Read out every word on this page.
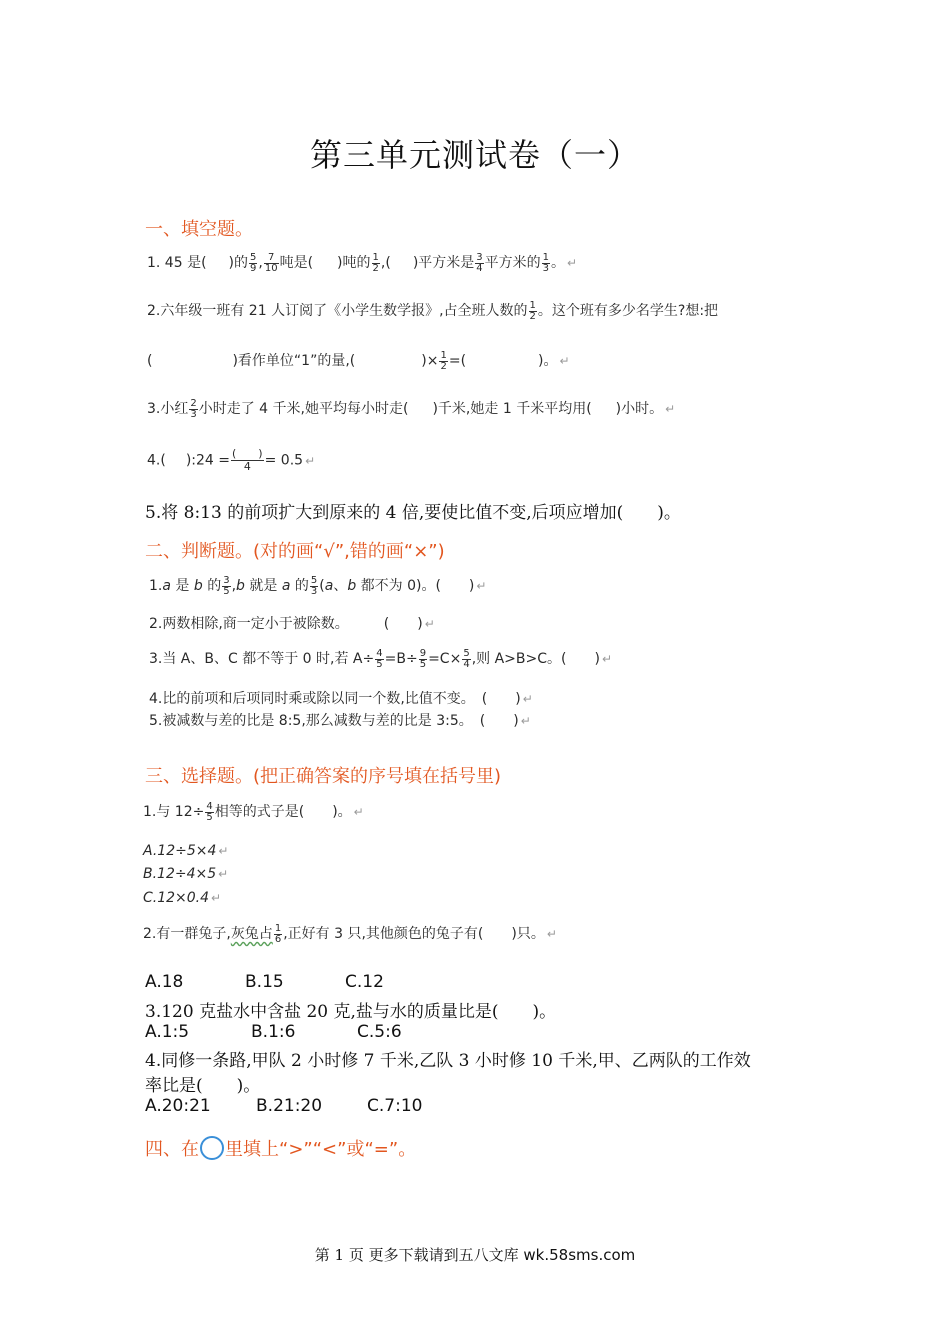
第三单元测试卷（一）
一、填空题。
1. 45 是( )的 $\frac{5}{9}$ , $\frac{7}{10}$ 吨是( )吨的 $\frac{1}{2}$ ,( )平方米是 $\frac{3}{4}$ 平方米的 $\frac{1}{3}$ 。 ↵
2.六年级一班有 21 人订阅了《小学生数学报》,占全班人数的 $\frac{1}{2}$ 。这个班有多少名学生?想:把
(	)看作单位“1”的量,(	)× $\frac{1}{2}$ =(	)。 ↵
3.小红 $\frac{2}{3}$ 小时走了 4 千米,她平均每小时走( )千米,她走 1 千米平均用( )小时。 ↵
4.( ):24 = $\frac{( )}{4} = 0.5$ ↵
5.将 8:13 的前项扩大到原来的 4 倍,要使比值不变,后项应增加(　　)。
二、判断题。(对的画“√”,错的画“×”)
1.a 是 b 的 $\frac{3}{5} ,b$ 就是 a 的 $\frac{5}{3} (a$、b 都不为 0)。(　　) ↵
2.两数相除,商一定小于被除数。　　　(　　) ↵
3.当 A、B、C 都不等于 0 时,若 $A\div \frac{4}{5} =B\div \frac{9}{5} =C\times \frac{5}{4}$ ,则 A>B>C。(　　) ↵
4.比的前项和后项同时乘或除以同一个数,比值不变。　(　　) ↵
5.被减数与差的比是 8:5,那么减数与差的比是 3:5。　(　　) ↵
三、选择题。(把正确答案的序号填在括号里)
1.与 $12\div \frac{4}{5}$ 相等的式子是(　　)。 ↵
A.12÷5×4 ↵
B.12÷4×5 ↵
C.12×0.4 ↵
2.有一群兔子,灰兔占 $\frac{1}{6}$ ,正好有 3 只,其他颜色的兔子有(　　)只。 ↵
A.18	B.15	C.12
3.120 克盐水中含盐 20 克,盐与水的质量比是(　　)。
A.1:5	B.1:6	C.5:6
4.同修一条路,甲队 2 小时修 7 千米,乙队 3 小时修 10 千米,甲、乙两队的工作效
率比是(　　)。
A.20:21	B.21:20	C.7:10
四、在 里填上“>”“<”或“=”。
第 1 页 更多下载请到五八文库 wk.58sms.com
